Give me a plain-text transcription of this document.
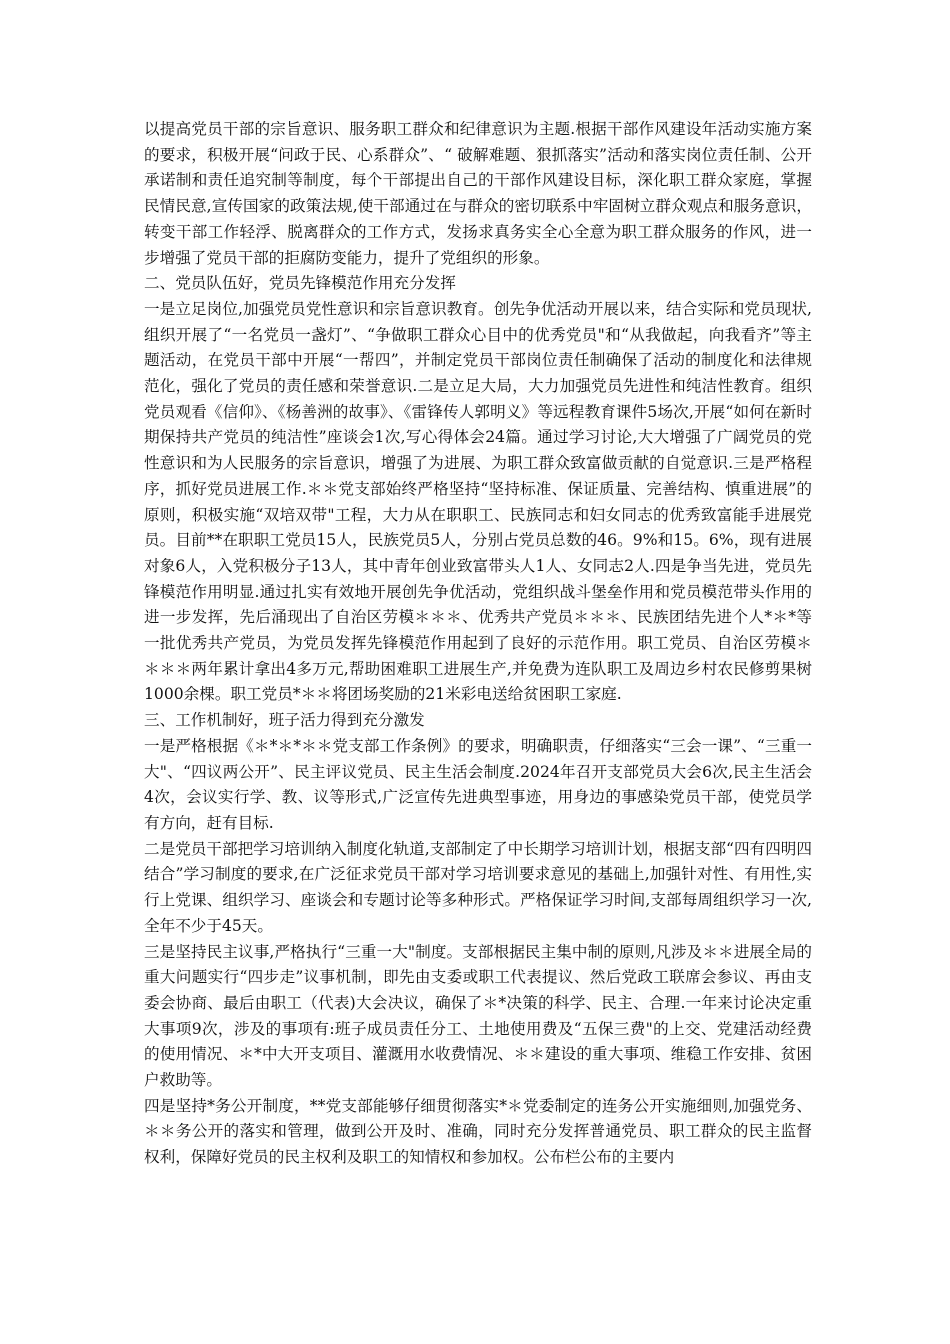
以提高党员干部的宗旨意识、服务职工群众和纪律意识为主题.根据干部作风建设年活动实施方案的要求，积极开展“问政于民、心系群众”、“ 破解难题、狠抓落实”活动和落实岗位责任制、公开承诺制和责任追究制等制度，每个干部提出自己的干部作风建设目标，深化职工群众家庭，掌握民情民意,宣传国家的政策法规,使干部通过在与群众的密切联系中牢固树立群众观点和服务意识，转变干部工作轻浮、脱离群众的工作方式，发扬求真务实全心全意为职工群众服务的作风，进一步增强了党员干部的拒腐防变能力，提升了党组织的形象。

二、党员队伍好，党员先锋模范作用充分发挥

一是立足岗位,加强党员党性意识和宗旨意识教育。创先争优活动开展以来，结合实际和党员现状,组织开展了“一名党员一盏灯”、“争做职工群众心目中的优秀党员"和“从我做起，向我看齐”等主题活动，在党员干部中开展“一帮四”，并制定党员干部岗位责任制确保了活动的制度化和法律规范化，强化了党员的责任感和荣誉意识.二是立足大局，大力加强党员先进性和纯洁性教育。组织党员观看《信仰》、《杨善洲的故事》、《雷锋传人郭明义》等远程教育课件5场次,开展“如何在新时期保持共产党员的纯洁性”座谈会1次,写心得体会24篇。通过学习讨论,大大增强了广阔党员的党性意识和为人民服务的宗旨意识，增强了为进展、为职工群众致富做贡献的自觉意识.三是严格程序，抓好党员进展工作.＊＊党支部始终严格坚持“坚持标准、保证质量、完善结构、慎重进展”的原则，积极实施“双培双带"工程，大力从在职职工、民族同志和妇女同志的优秀致富能手进展党员。目前**在职职工党员15人，民族党员5人，分别占党员总数的46。9%和15。6%，现有进展对象6人，入党积极分子13人，其中青年创业致富带头人1人、女同志2人.四是争当先进，党员先锋模范作用明显.通过扎实有效地开展创先争优活动，党组织战斗堡垒作用和党员模范带头作用的进一步发挥，先后涌现出了自治区劳模＊＊＊、优秀共产党员＊＊＊、民族团结先进个人*＊*等一批优秀共产党员，为党员发挥先锋模范作用起到了良好的示范作用。职工党员、自治区劳模＊＊＊＊两年累计拿出4多万元,帮助困难职工进展生产,并免费为连队职工及周边乡村农民修剪果树1000余棵。职工党员*＊＊将团场奖励的21米彩电送给贫困职工家庭.

三、工作机制好，班子活力得到充分激发

一是严格根据《＊*＊*＊＊党支部工作条例》的要求，明确职责，仔细落实“三会一课”、“三重一大"、“四议两公开”、民主评议党员、民主生活会制度.2024年召开支部党员大会6次,民主生活会4次，会议实行学、教、议等形式,广泛宣传先进典型事迹，用身边的事感染党员干部，使党员学有方向，赶有目标.

二是党员干部把学习培训纳入制度化轨道,支部制定了中长期学习培训计划，根据支部“四有四明四结合”学习制度的要求,在广泛征求党员干部对学习培训要求意见的基础上,加强针对性、有用性,实行上党课、组织学习、座谈会和专题讨论等多种形式。严格保证学习时间,支部每周组织学习一次,全年不少于45天。

三是坚持民主议事,严格执行“三重一大"制度。支部根据民主集中制的原则,凡涉及＊＊进展全局的重大问题实行“四步走”议事机制，即先由支委或职工代表提议、然后党政工联席会参议、再由支委会协商、最后由职工（代表)大会决议，确保了＊*决策的科学、民主、合理.一年来讨论决定重大事项9次，涉及的事项有:班子成员责任分工、土地使用费及“五保三费"的上交、党建活动经费的使用情况、＊*中大开支项目、灌溉用水收费情况、＊＊建设的重大事项、维稳工作安排、贫困户救助等。

四是坚持*务公开制度，**党支部能够仔细贯彻落实*＊党委制定的连务公开实施细则,加强党务、＊＊务公开的落实和管理，做到公开及时、准确，同时充分发挥普通党员、职工群众的民主监督权利，保障好党员的民主权利及职工的知情权和参加权。公布栏公布的主要内
